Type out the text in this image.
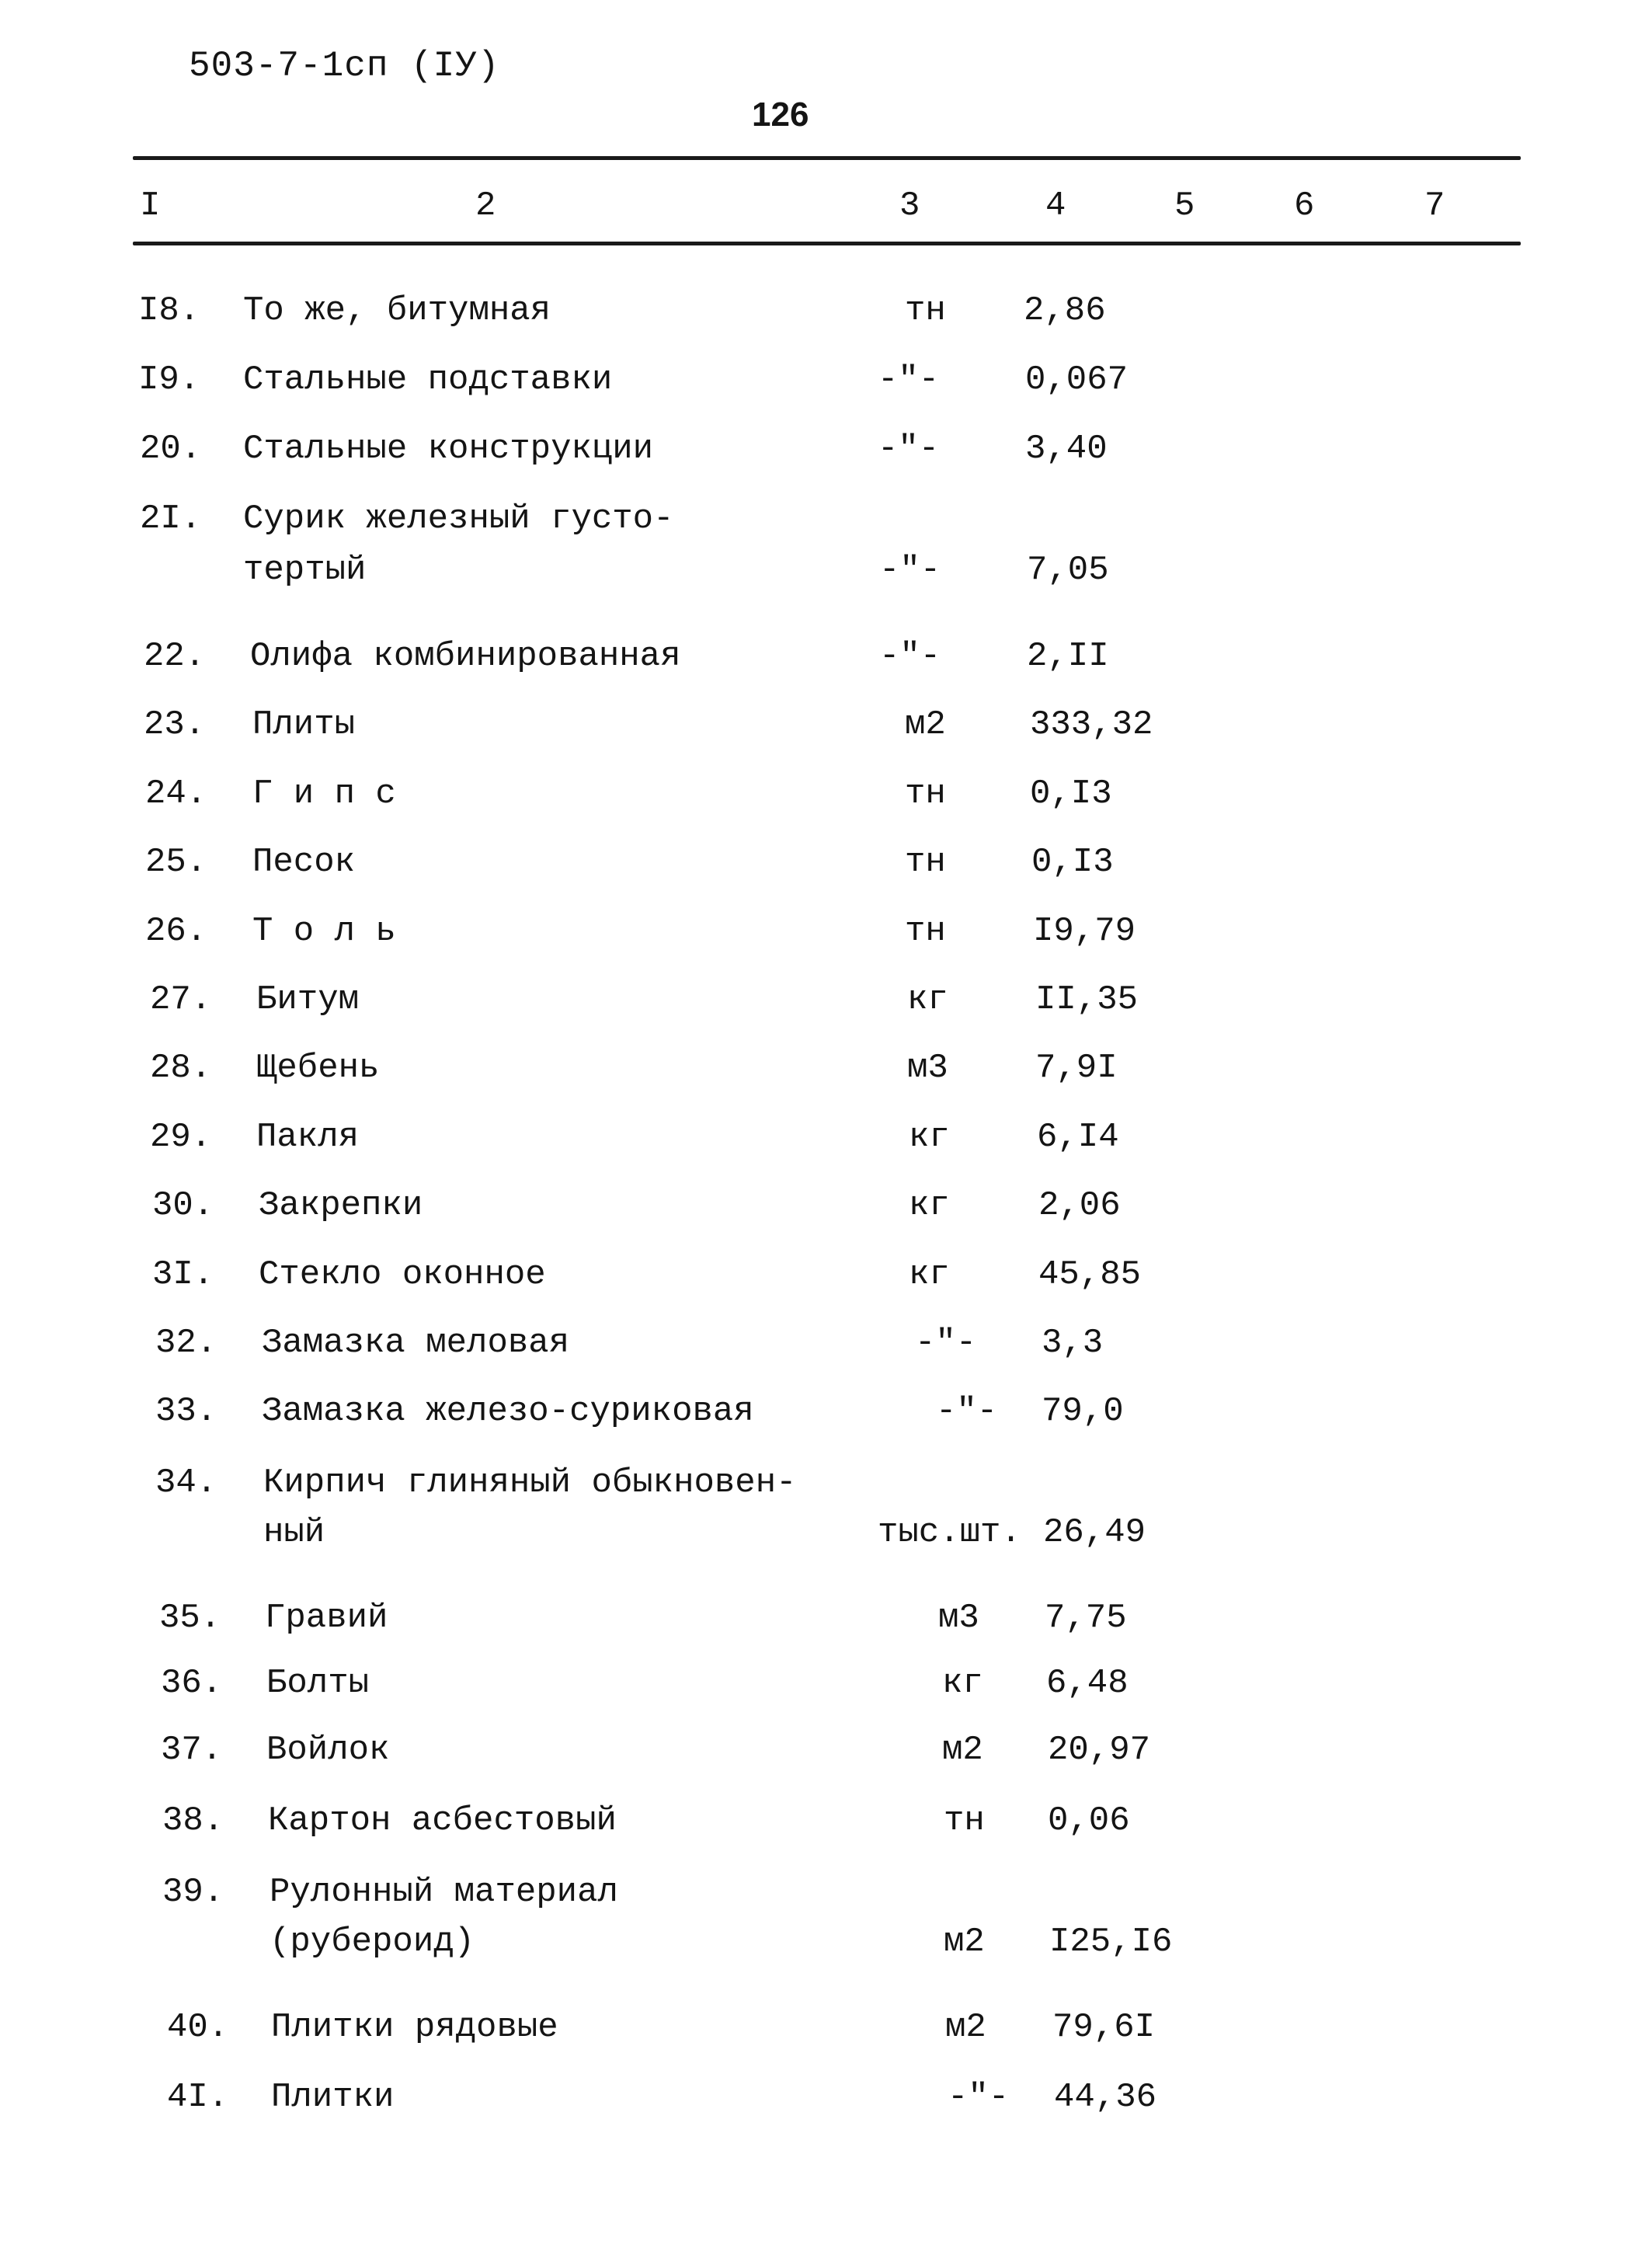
503-7-1сп (IУ)
126
I	2	3	4	5	6	7
I8. То же, битумная	тн 2,86
I9. Стальные подставки	-"-	0,067
20. Стальные конструкции	-"-	3,40
2I. Сурик железный густо-
тертый	-"-	7,05
22. Олифа комбинированная	-"-	2,II
23. Плиты	м2 333,32
24. Г и п с	тн 0,I3
25. Песок	тн	0,I3
26. Т о л ь	тн	I9,79
27. Битум	кг	II,35
28. Щебень	м3	7,9I
29. Пакля	кг	6,I4
30. Закрепки	кг	2,06
3I. Стекло оконное	кг	45,85
32. Замазка меловая	-"- 3,3
33. Замазка железо-суриковая	-"- 79,0
34. Кирпич глиняный обыкновен-
ный	тыс.шт. 26,49
35. Гравий	м3 7,75
36. Болты	кг 6,48
37. Войлок	м2 20,97
38. Картон асбестовый	тн 0,06
39. Рулонный материал
(рубероид)	м2 I25,I6
40. Плитки рядовые	м2 79,6I
4I. Плитки	-"- 44,36
